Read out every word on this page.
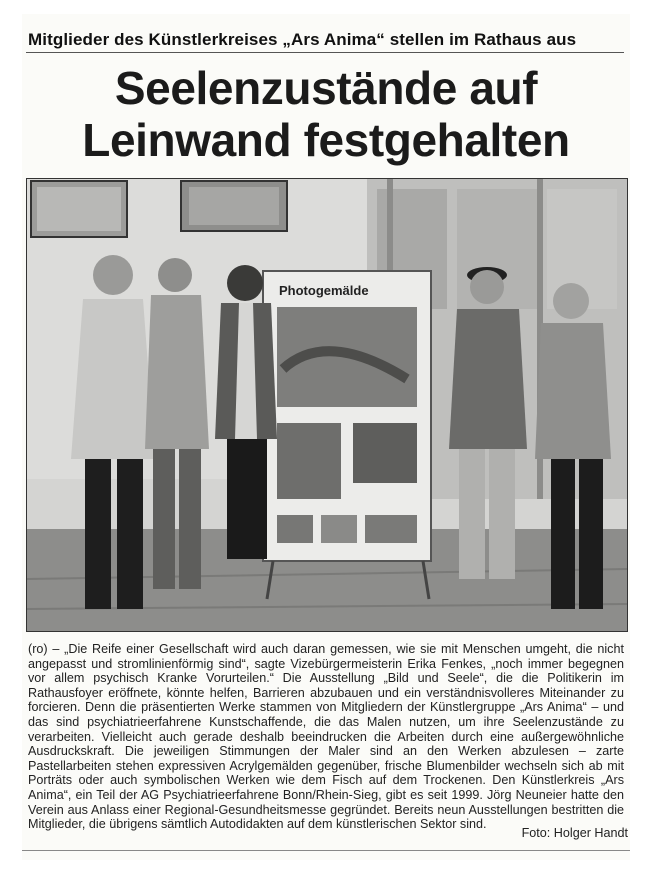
Mitglieder des Künstlerkreises „Ars Anima“ stellen im Rathaus aus
Seelenzustände auf
Leinwand festgehalten
Photogemälde
(ro) – „Die Reife einer Gesellschaft wird auch daran gemessen, wie sie mit Menschen umgeht, die nicht angepasst und stromlinienförmig sind“, sagte Vizebürgermeisterin Erika Fenkes, „noch immer begegnen vor allem psychisch Kranke Vorurteilen.“ Die Ausstellung „Bild und Seele“, die die Politikerin im Rathausfoyer eröffnete, könnte helfen, Barrieren abzubauen und ein verständnisvolleres Miteinander zu forcieren. Denn die präsentierten Werke stammen von Mitgliedern der Künstlergruppe „Ars Anima“ – und das sind psychiatrieerfahrene Kunstschaffende, die das Malen nutzen, um ihre Seelenzustände zu verarbeiten. Vielleicht auch gerade deshalb beeindrucken die Arbeiten durch eine außergewöhnliche Ausdruckskraft. Die jeweiligen Stimmungen der Maler sind an den Werken abzulesen – zarte Pastellarbeiten stehen expressiven Acrylgemälden gegenüber, frische Blumenbilder wechseln sich ab mit Porträts oder auch symbolischen Werken wie dem Fisch auf dem Trockenen. Den Künstlerkreis „Ars Anima“, ein Teil der AG Psychiatrieerfahrene Bonn/Rhein-Sieg, gibt es seit 1999. Jörg Neuneier hatte den Verein aus Anlass einer Regional-Gesundheitsmesse gegründet. Bereits neun Ausstellungen bestritten die Mitglieder, die übrigens sämtlich Autodidakten auf dem künstlerischen Sektor sind.
Foto: Holger Handt
